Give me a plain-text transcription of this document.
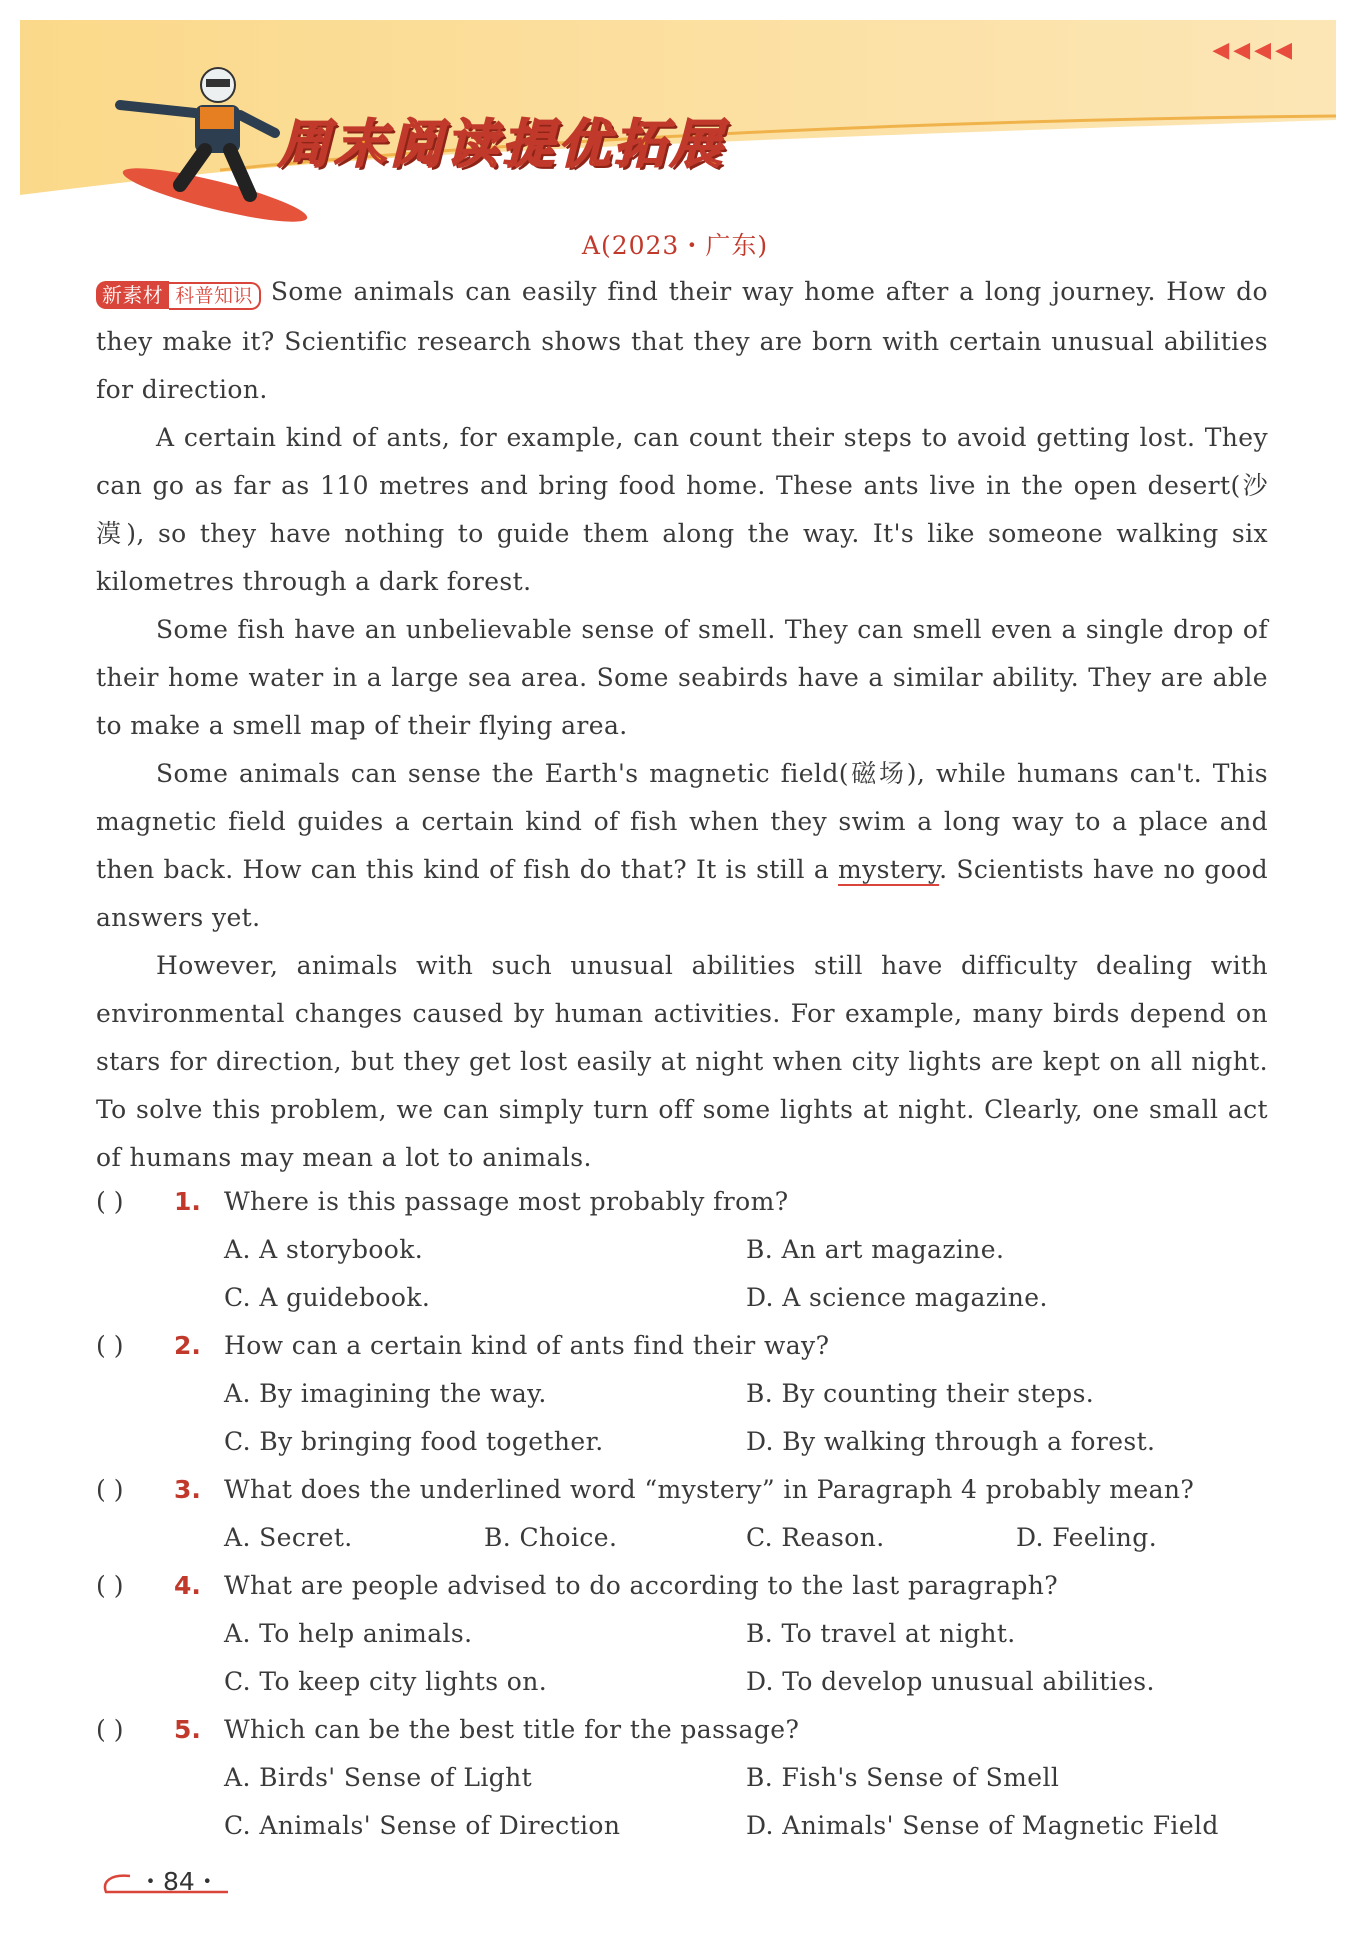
周末阅读提优拓展
◀◀◀◀
A(2023・广东)

新素材 科普知识 Some animals can easily find their way home after a long journey. How do they make it? Scientific research shows that they are born with certain unusual abilities for direction.

A certain kind of ants, for example, can count their steps to avoid getting lost. They can go as far as 110 metres and bring food home. These ants live in the open desert(沙漠), so they have nothing to guide them along the way. It's like someone walking six kilometres through a dark forest.

Some fish have an unbelievable sense of smell. They can smell even a single drop of their home water in a large sea area. Some seabirds have a similar ability. They are able to make a smell map of their flying area.

Some animals can sense the Earth's magnetic field(磁场), while humans can't. This magnetic field guides a certain kind of fish when they swim a long way to a place and then back. How can this kind of fish do that? It is still a mystery. Scientists have no good answers yet.

However, animals with such unusual abilities still have difficulty dealing with environmental changes caused by human activities. For example, many birds depend on stars for direction, but they get lost easily at night when city lights are kept on all night. To solve this problem, we can simply turn off some lights at night. Clearly, one small act of humans may mean a lot to animals.

( ) 1. Where is this passage most probably from?
A. A storybook.	B. An art magazine.
C. A guidebook.	D. A science magazine.
( ) 2. How can a certain kind of ants find their way?
A. By imagining the way.	B. By counting their steps.
C. By bringing food together.	D. By walking through a forest.
( ) 3. What does the underlined word “mystery” in Paragraph 4 probably mean?
A. Secret.	B. Choice.	C. Reason.	D. Feeling.
( ) 4. What are people advised to do according to the last paragraph?
A. To help animals.	B. To travel at night.
C. To keep city lights on.	D. To develop unusual abilities.
( ) 5. Which can be the best title for the passage?
A. Birds' Sense of Light	B. Fish's Sense of Smell
C. Animals' Sense of Direction	D. Animals' Sense of Magnetic Field
・84・
